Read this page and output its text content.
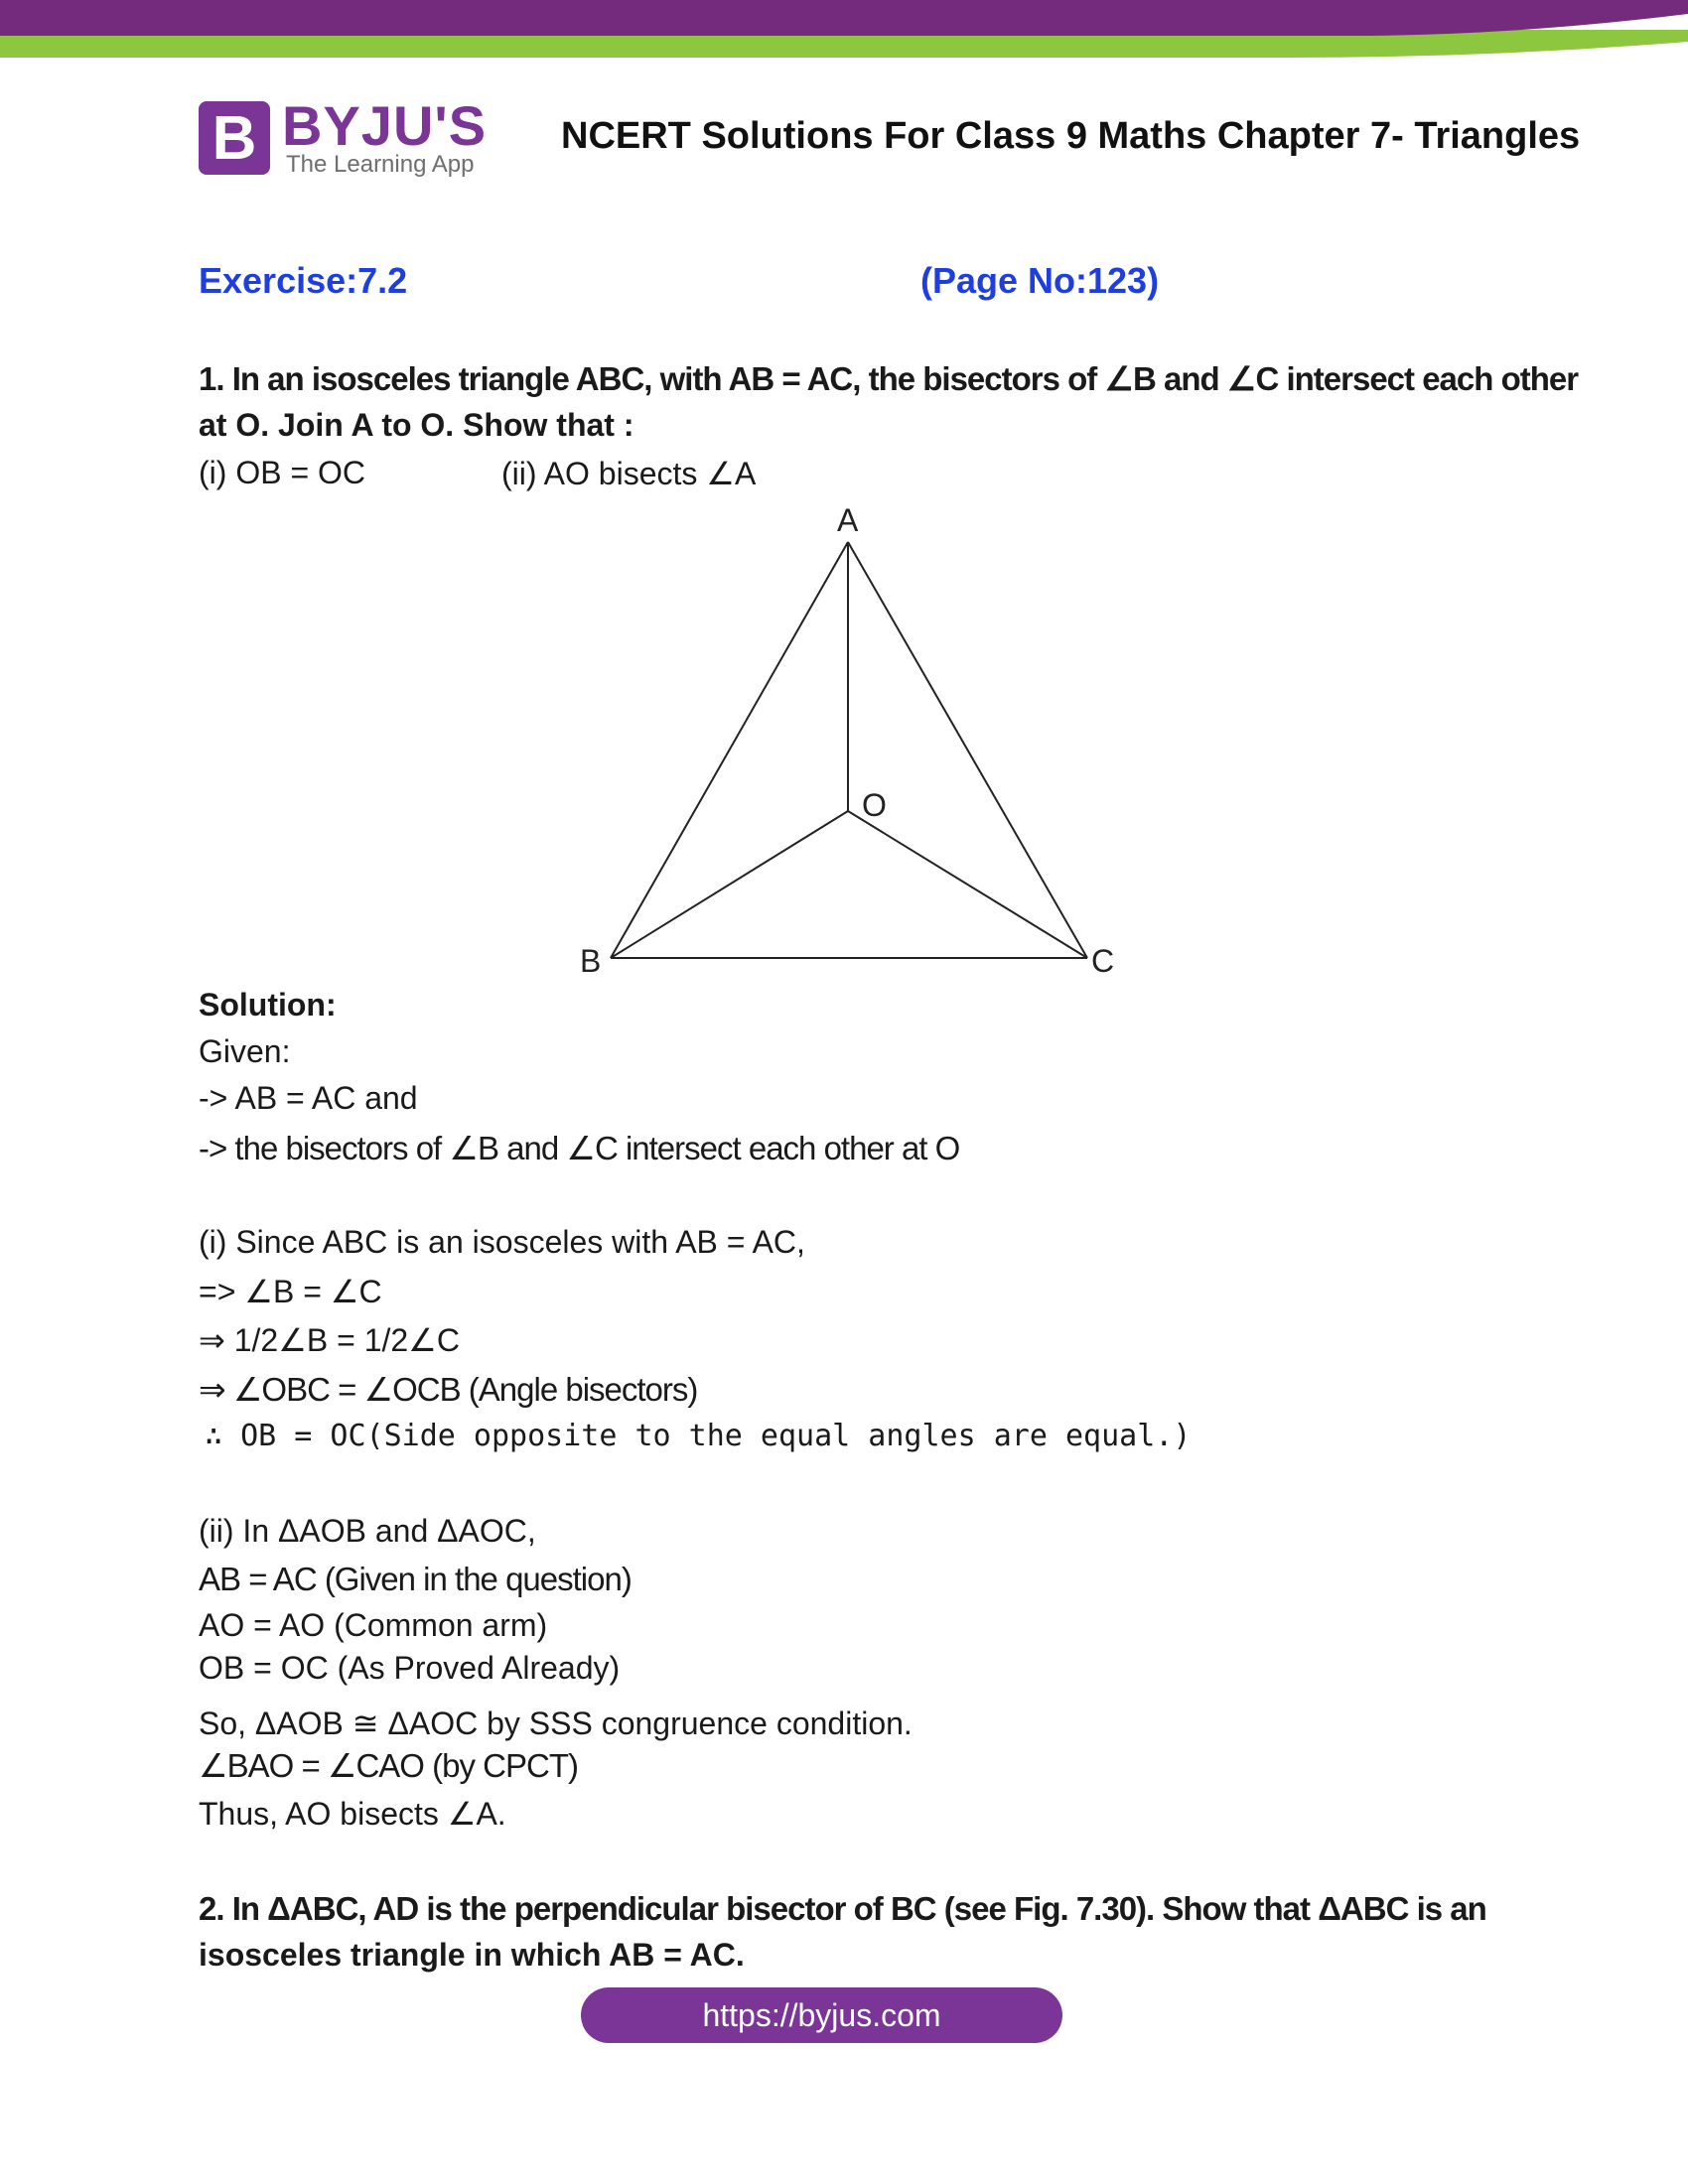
B BYJU'S
The Learning App
NCERT Solutions For Class 9 Maths Chapter 7- Triangles
Exercise:7.2	(Page No:123)
1. In an isosceles triangle ABC, with AB = AC, the bisectors of ∠B and ∠C intersect each other
at O. Join A to O. Show that :
(i) OB = OC	(ii) AO bisects ∠A
A
B	C
O
Solution:
Given:
-> AB = AC and
-> the bisectors of ∠B and ∠C intersect each other at O
(i) Since ABC is an isosceles with AB = AC,
=> ∠B = ∠C
⇒ 1/2∠B = 1/2∠C
⇒ ∠OBC = ∠OCB (Angle bisectors)
∴ OB = OC(Side opposite to the equal angles are equal.)
(ii) In ΔAOB and ΔAOC,
AB = AC (Given in the question)
AO = AO (Common arm)
OB = OC (As Proved Already)
So, ΔAOB ≅ ΔAOC by SSS congruence condition.
∠BAO = ∠CAO (by CPCT)
Thus, AO bisects ∠A.
2. In ΔABC, AD is the perpendicular bisector of BC (see Fig. 7.30). Show that ΔABC is an
isosceles triangle in which AB = AC.
https://byjus.com
